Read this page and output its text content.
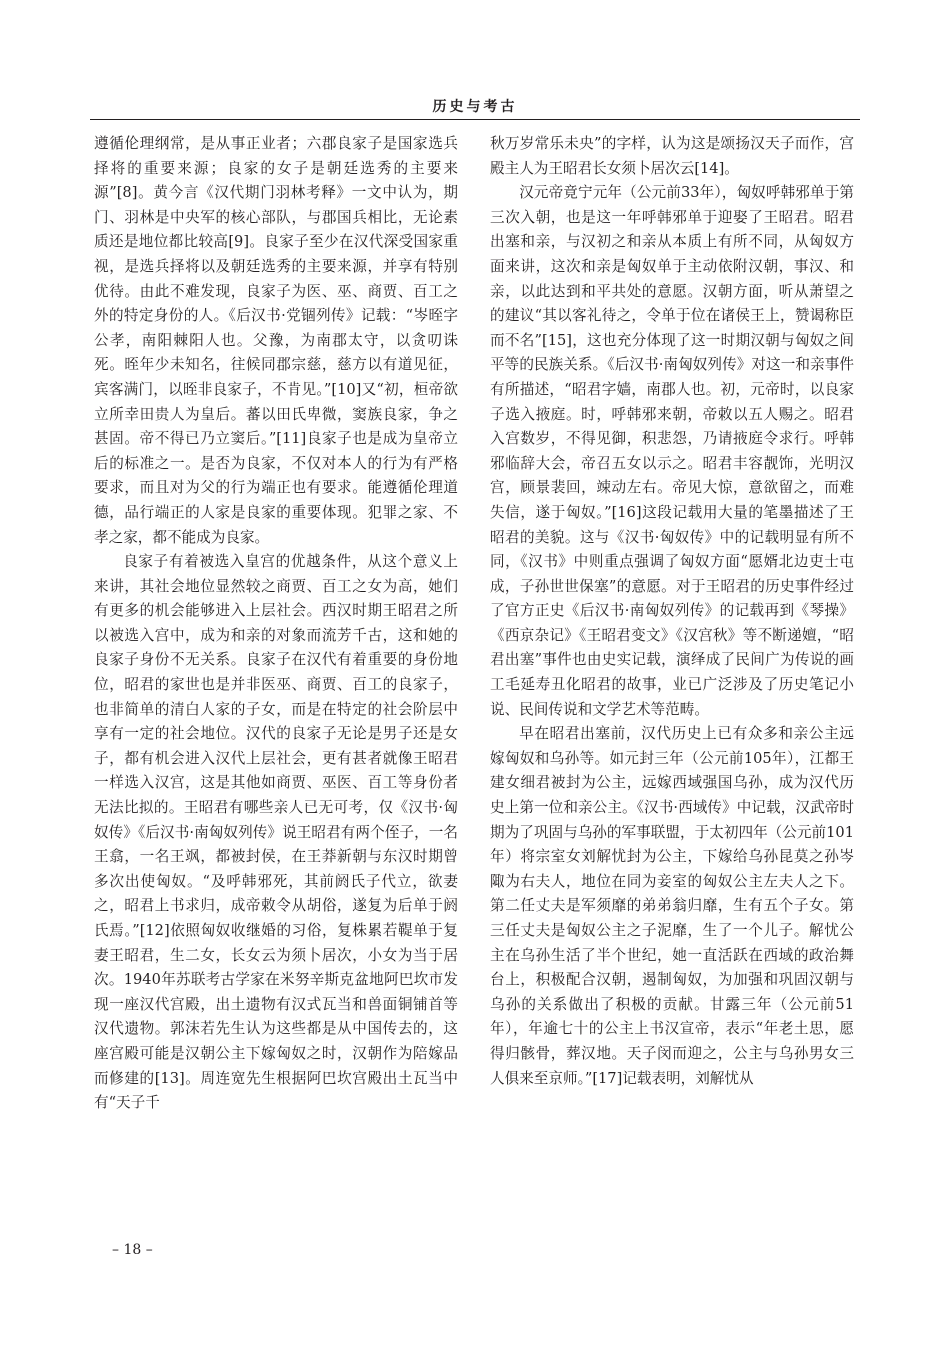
历史与考古

遵循伦理纲常，是从事正业者；六郡良家子是国家选兵择将的重要来源；良家的女子是朝廷选秀的主要来源”[8]。黄今言《汉代期门羽林考释》一文中认为，期门、羽林是中央军的核心部队，与郡国兵相比，无论素质还是地位都比较高[9]。良家子至少在汉代深受国家重视，是选兵择将以及朝廷选秀的主要来源，并享有特别优待。由此不难发现，良家子为医、巫、商贾、百工之外的特定身份的人。《后汉书·党锢列传》记载：“岑晊字公孝，南阳棘阳人也。父豫，为南郡太守，以贪叨诛死。晊年少未知名，往候同郡宗慈，慈方以有道见征，宾客满门，以晊非良家子，不肯见。”[10]又“初，桓帝欲立所幸田贵人为皇后。蕃以田氏卑微，窦族良家，争之甚固。帝不得已乃立窦后。”[11]良家子也是成为皇帝立后的标准之一。是否为良家，不仅对本人的行为有严格要求，而且对为父的行为端正也有要求。能遵循伦理道德，品行端正的人家是良家的重要体现。犯罪之家、不孝之家，都不能成为良家。

良家子有着被选入皇宫的优越条件，从这个意义上来讲，其社会地位显然较之商贾、百工之女为高，她们有更多的机会能够进入上层社会。西汉时期王昭君之所以被选入宫中，成为和亲的对象而流芳千古，这和她的良家子身份不无关系。良家子在汉代有着重要的身份地位，昭君的家世也是并非医巫、商贾、百工的良家子，也非简单的清白人家的子女，而是在特定的社会阶层中享有一定的社会地位。汉代的良家子无论是男子还是女子，都有机会进入汉代上层社会，更有甚者就像王昭君一样选入汉宫，这是其他如商贾、巫医、百工等身份者无法比拟的。王昭君有哪些亲人已无可考，仅《汉书·匈奴传》《后汉书·南匈奴列传》说王昭君有两个侄子，一名王翕，一名王飒，都被封侯，在王莽新朝与东汉时期曾多次出使匈奴。“及呼韩邪死，其前阏氏子代立，欲妻之，昭君上书求归，成帝敕令从胡俗，遂复为后单于阏氏焉。”[12]依照匈奴收继婚的习俗，复株累若鞮单于复妻王昭君，生二女，长女云为须卜居次，小女为当于居次。1940年苏联考古学家在米努辛斯克盆地阿巴坎市发现一座汉代宫殿，出土遗物有汉式瓦当和兽面铜铺首等汉代遗物。郭沫若先生认为这些都是从中国传去的，这座宫殿可能是汉朝公主下嫁匈奴之时，汉朝作为陪嫁品而修建的[13]。周连宽先生根据阿巴坎宫殿出土瓦当中有“天子千

秋万岁常乐未央”的字样，认为这是颂扬汉天子而作，宫殿主人为王昭君长女须卜居次云[14]。

汉元帝竟宁元年（公元前33年），匈奴呼韩邪单于第三次入朝，也是这一年呼韩邪单于迎娶了王昭君。昭君出塞和亲，与汉初之和亲从本质上有所不同，从匈奴方面来讲，这次和亲是匈奴单于主动依附汉朝，事汉、和亲，以此达到和平共处的意愿。汉朝方面，听从萧望之的建议“其以客礼待之，令单于位在诸侯王上，赞谒称臣而不名”[15]，这也充分体现了这一时期汉朝与匈奴之间平等的民族关系。《后汉书·南匈奴列传》对这一和亲事件有所描述，“昭君字嫱，南郡人也。初，元帝时，以良家子选入掖庭。时，呼韩邪来朝，帝敕以五人赐之。昭君入宫数岁，不得见御，积悲怨，乃请掖庭令求行。呼韩邪临辞大会，帝召五女以示之。昭君丰容靓饰，光明汉宫，顾景裴回，竦动左右。帝见大惊，意欲留之，而难失信，遂于匈奴。”[16]这段记载用大量的笔墨描述了王昭君的美貌。这与《汉书·匈奴传》中的记载明显有所不同，《汉书》中则重点强调了匈奴方面“愿婿北边吏士屯成，子孙世世保塞”的意愿。对于王昭君的历史事件经过了官方正史《后汉书·南匈奴列传》的记载再到《琴操》《西京杂记》《王昭君变文》《汉宫秋》等不断递嬗，“昭君出塞”事件也由史实记载，演绎成了民间广为传说的画工毛延寿丑化昭君的故事，业已广泛涉及了历史笔记小说、民间传说和文学艺术等范畴。

早在昭君出塞前，汉代历史上已有众多和亲公主远嫁匈奴和乌孙等。如元封三年（公元前105年），江都王建女细君被封为公主，远嫁西域强国乌孙，成为汉代历史上第一位和亲公主。《汉书·西域传》中记载，汉武帝时期为了巩固与乌孙的军事联盟，于太初四年（公元前101年）将宗室女刘解忧封为公主，下嫁给乌孙昆莫之孙岑陬为右夫人，地位在同为妾室的匈奴公主左夫人之下。第二任丈夫是军须靡的弟弟翁归靡，生有五个子女。第三任丈夫是匈奴公主之子泥靡，生了一个儿子。解忧公主在乌孙生活了半个世纪，她一直活跃在西域的政治舞台上，积极配合汉朝，遏制匈奴，为加强和巩固汉朝与乌孙的关系做出了积极的贡献。甘露三年（公元前51年），年逾七十的公主上书汉宣帝，表示“年老土思，愿得归骸骨，葬汉地。天子闵而迎之，公主与乌孙男女三人俱来至京师。”[17]记载表明，刘解忧从

– 18 –
